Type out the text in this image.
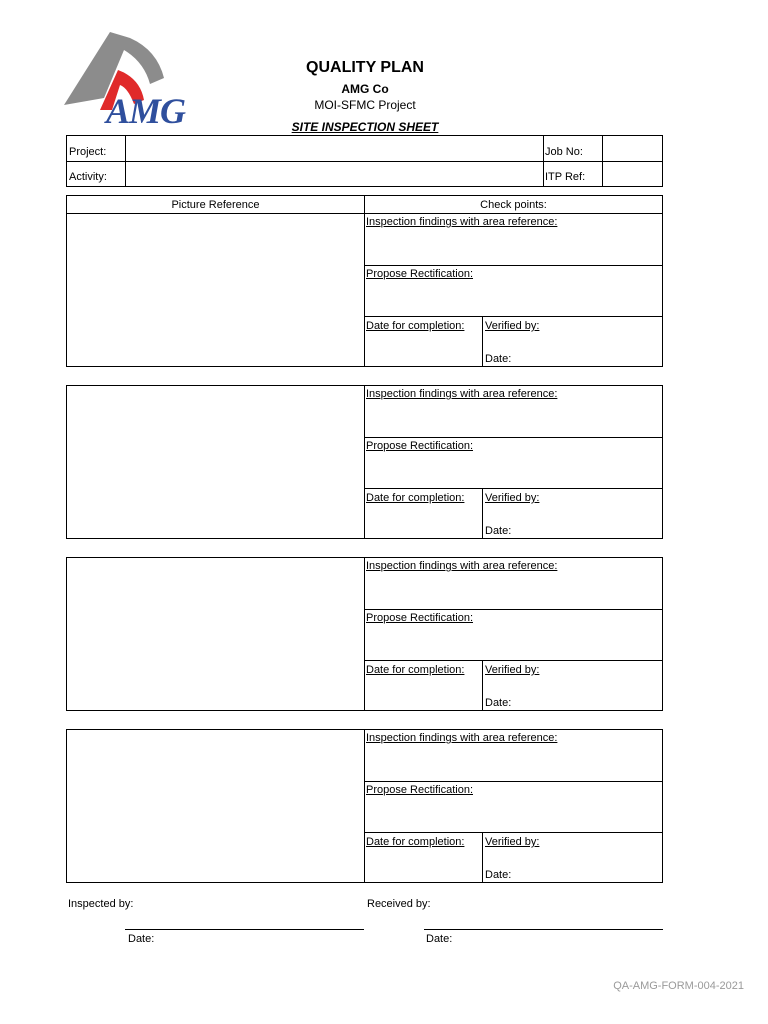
AMG
QUALITY PLAN
AMG Co
MOI-SFMC Project
SITE INSPECTION SHEET
Project:	Job No:
Activity:	ITP Ref:
Picture Reference	Check points:
Inspection findings with area reference:
Propose Rectification:
Date for completion: Verified by:
Date:
Inspection findings with area reference:
Propose Rectification:
Date for completion: Verified by:
Date:
Inspection findings with area reference:
Propose Rectification:
Date for completion: Verified by:
Date:
Inspection findings with area reference:
Propose Rectification:
Date for completion: Verified by:
Date:
Inspected by:	Received by:
Date:	Date:
QA-AMG-FORM-004-2021
